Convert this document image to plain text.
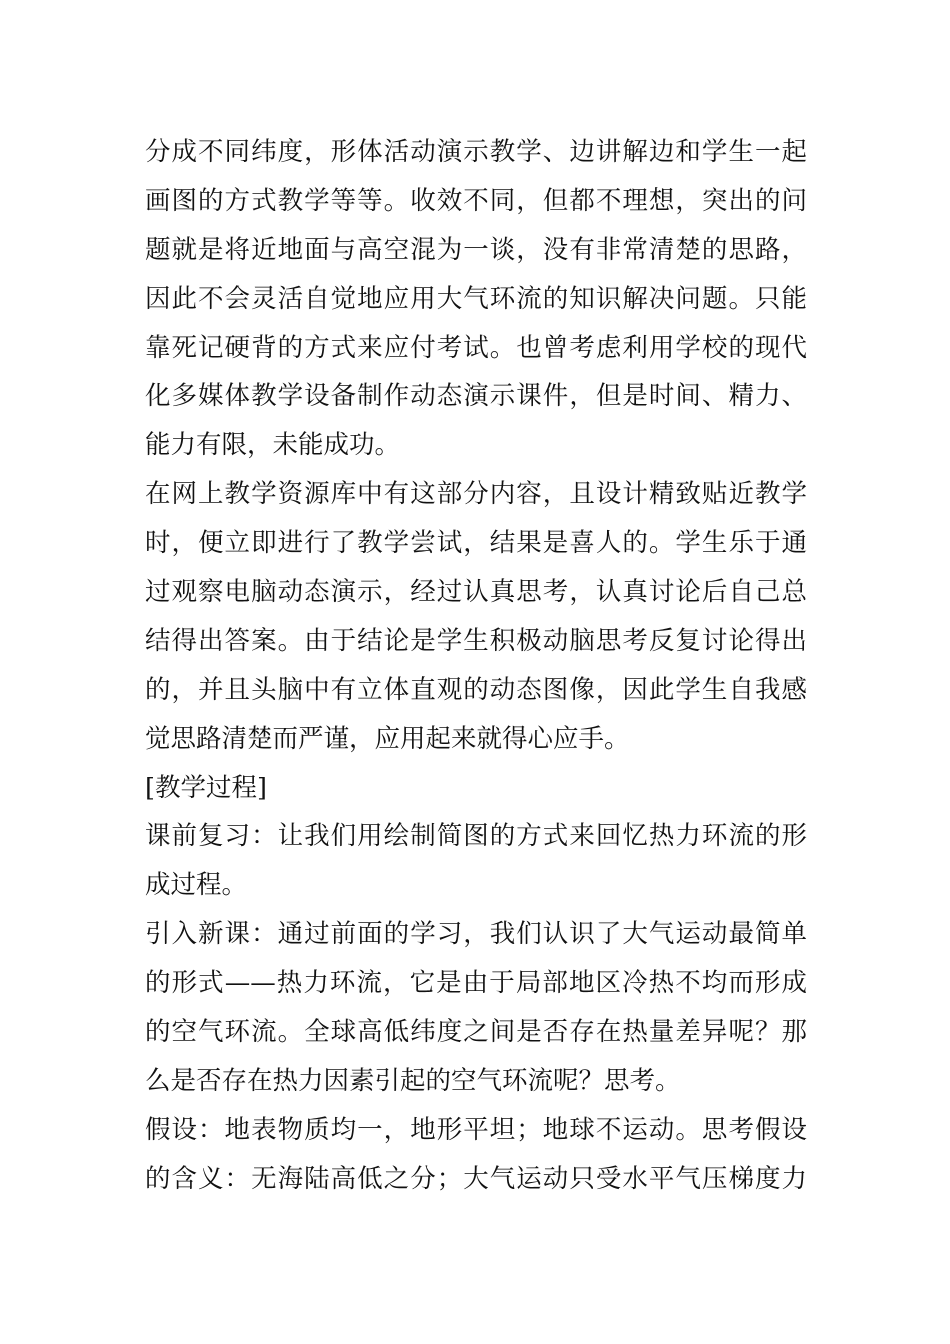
分成不同纬度，形体活动演示教学、边讲解边和学生一起
画图的方式教学等等。收效不同，但都不理想，突出的问
题就是将近地面与高空混为一谈，没有非常清楚的思路，
因此不会灵活自觉地应用大气环流的知识解决问题。只能
靠死记硬背的方式来应付考试。也曾考虑利用学校的现代
化多媒体教学设备制作动态演示课件，但是时间、精力、
能力有限，未能成功。
在网上教学资源库中有这部分内容，且设计精致贴近教学
时，便立即进行了教学尝试，结果是喜人的。学生乐于通
过观察电脑动态演示，经过认真思考，认真讨论后自己总
结得出答案。由于结论是学生积极动脑思考反复讨论得出
的，并且头脑中有立体直观的动态图像，因此学生自我感
觉思路清楚而严谨，应用起来就得心应手。
[教学过程]
课前复习：让我们用绘制简图的方式来回忆热力环流的形
成过程。
引入新课：通过前面的学习，我们认识了大气运动最简单
的形式——热力环流，它是由于局部地区冷热不均而形成
的空气环流。全球高低纬度之间是否存在热量差异呢？那
么是否存在热力因素引起的空气环流呢？思考。
假设：地表物质均一，地形平坦；地球不运动。思考假设
的含义：无海陆高低之分；大气运动只受水平气压梯度力
